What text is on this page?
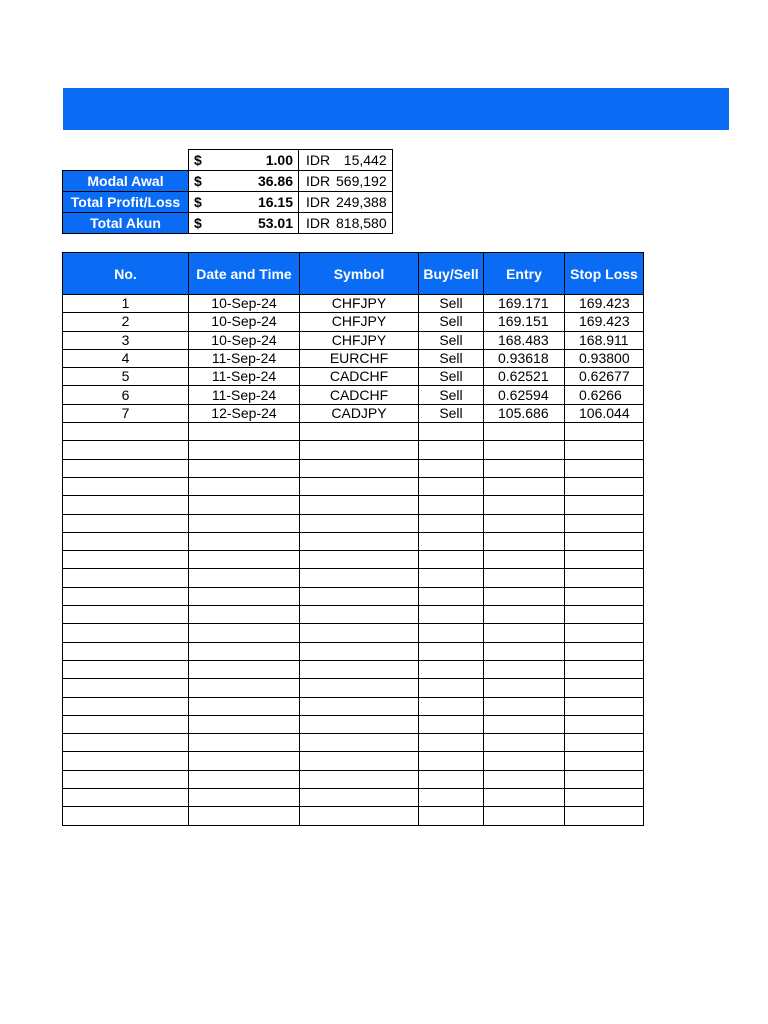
	$	1.00	IDR	15,442
Modal Awal	$	36.86	IDR	569,192
Total Profit/Loss	$	16.15	IDR	249,388
Total Akun	$	53.01	IDR	818,580
No.	Date and Time	Symbol	Buy/Sell	Entry	Stop Loss
1	10-Sep-24	CHFJPY	Sell	169.171	169.423
2	10-Sep-24	CHFJPY	Sell	169.151	169.423
3	10-Sep-24	CHFJPY	Sell	168.483	168.911
4	11-Sep-24	EURCHF	Sell	0.93618	0.93800
5	11-Sep-24	CADCHF	Sell	0.62521	0.62677
6	11-Sep-24	CADCHF	Sell	0.62594	0.6266
7	12-Sep-24	CADJPY	Sell	105.686	106.044
